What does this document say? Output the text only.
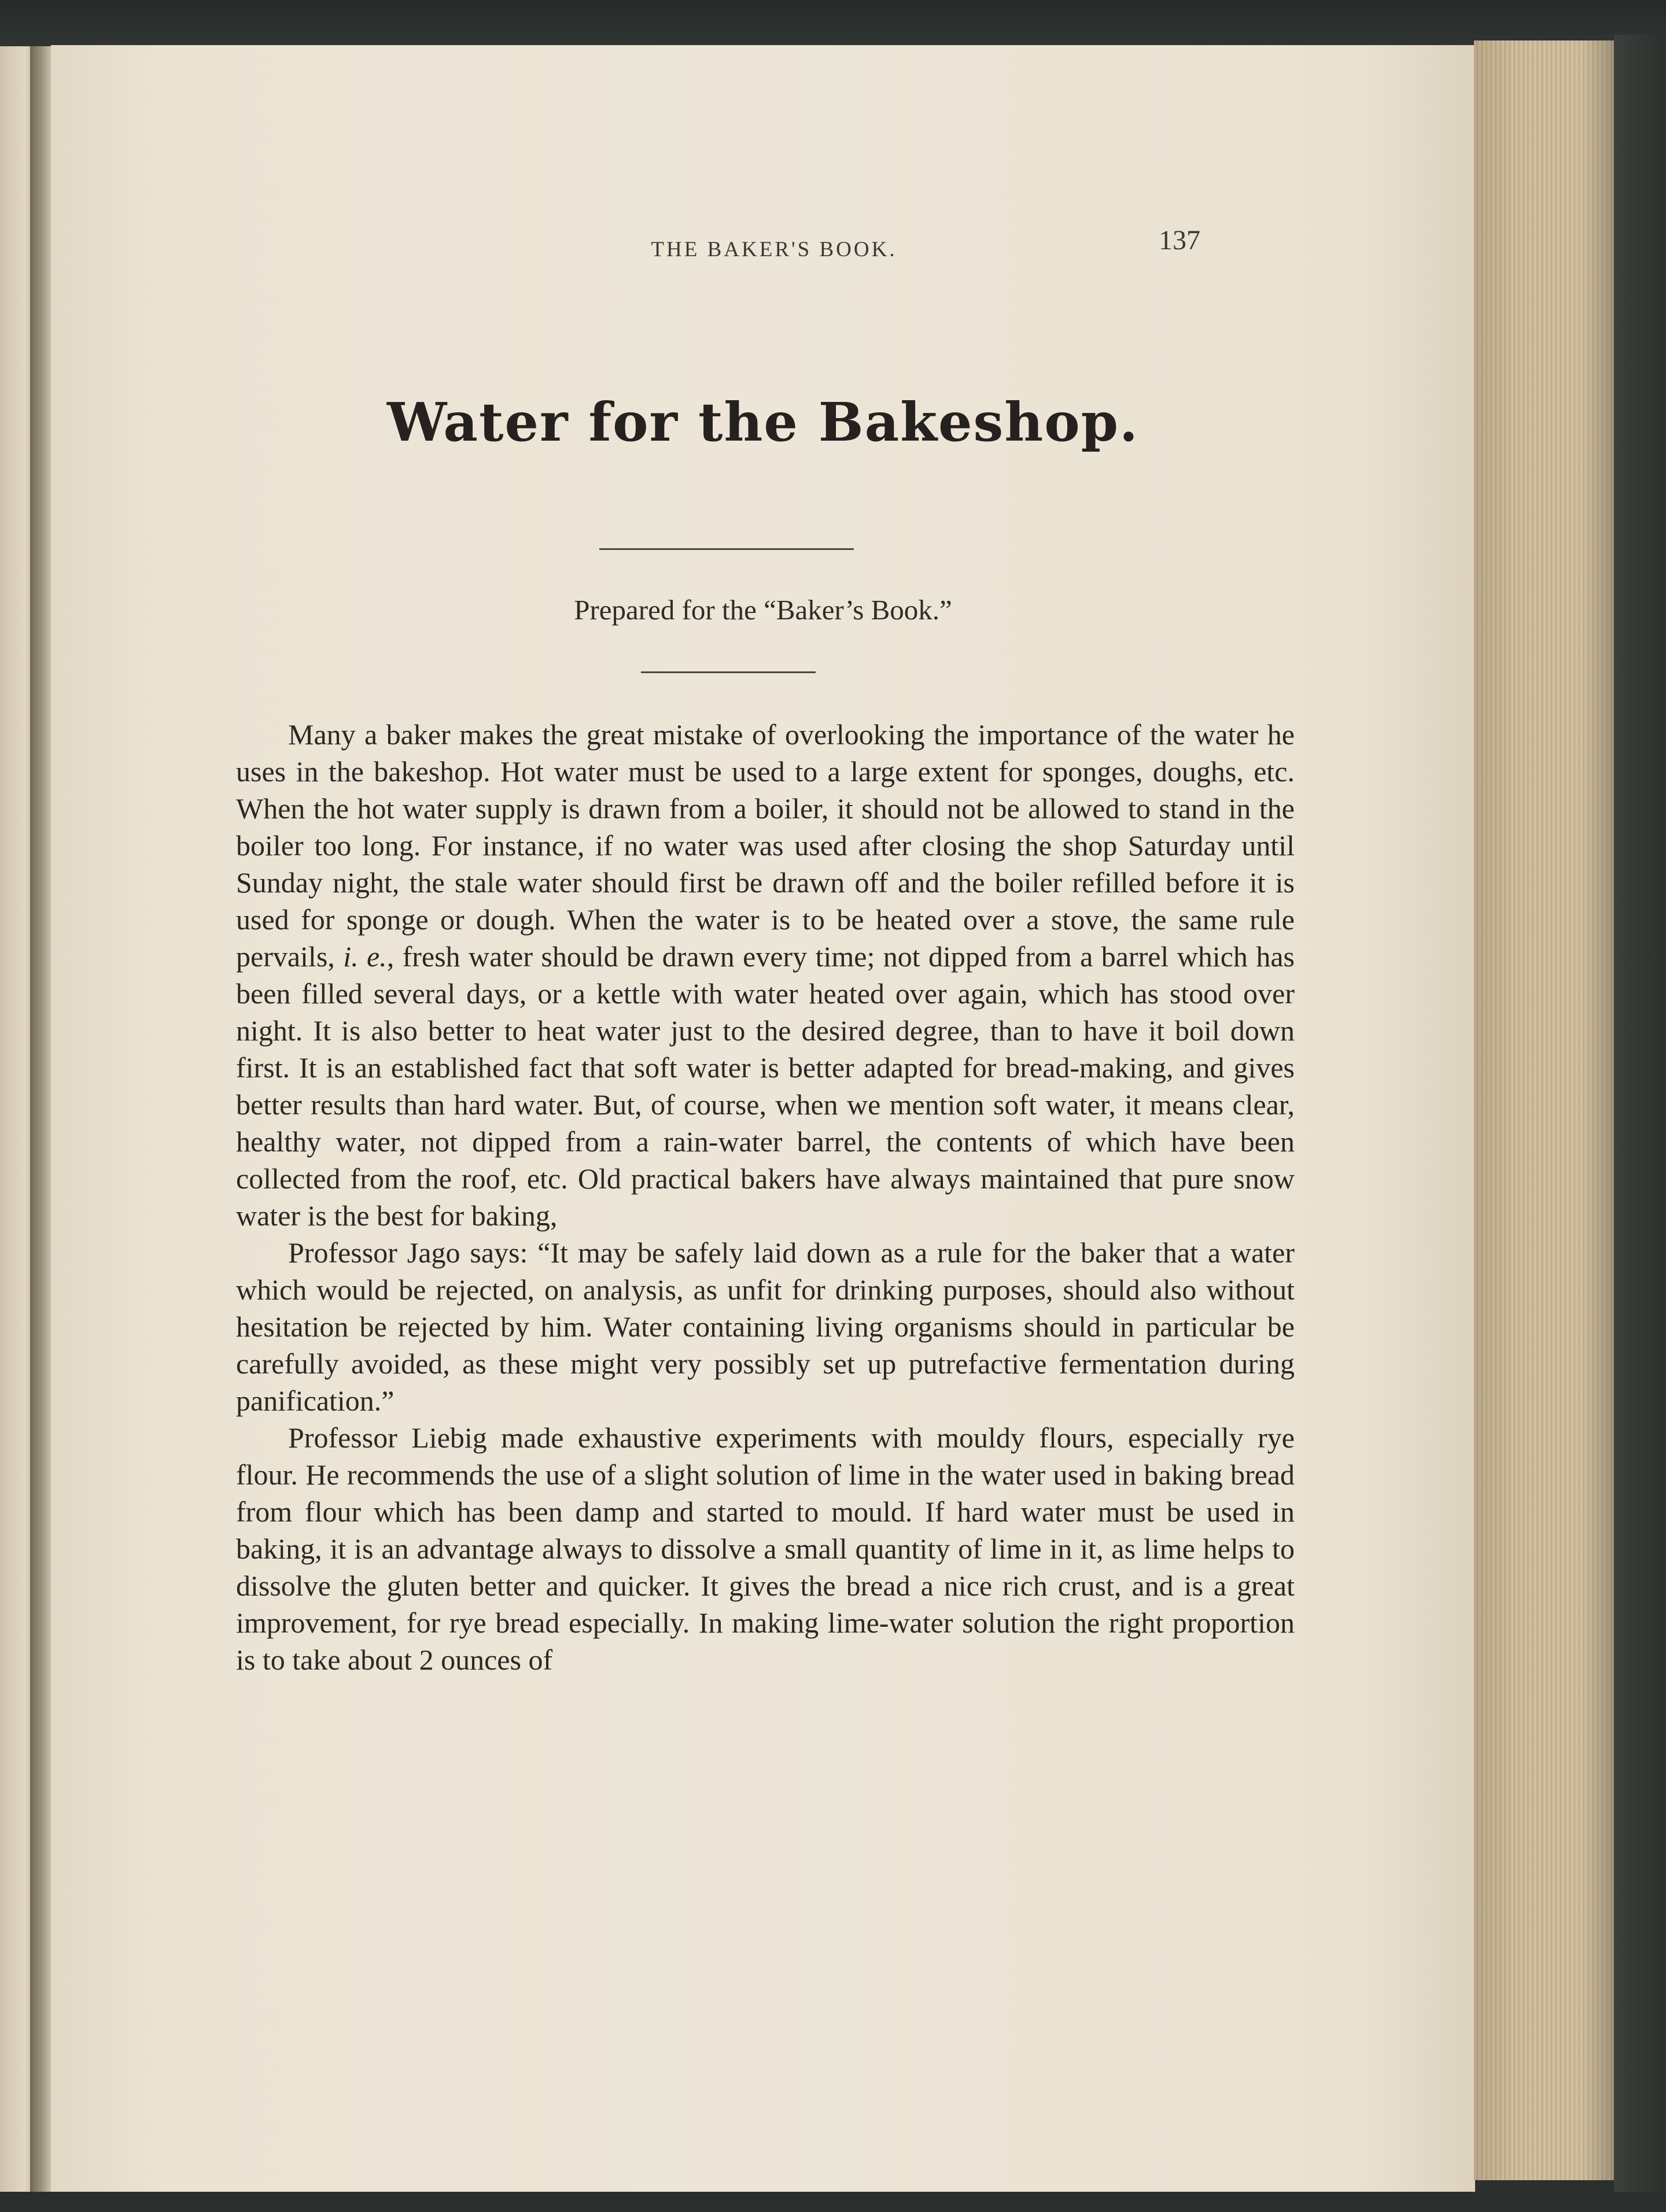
THE BAKER'S BOOK.	137
Water for the Bakeshop.
Prepared for the “Baker’s Book.”

Many a baker makes the great mistake of overlooking the importance of the water he uses in the bakeshop. Hot water must be used to a large extent for sponges, doughs, etc. When the hot water supply is drawn from a boiler, it should not be allowed to stand in the boiler too long. For instance, if no water was used after closing the shop Saturday until Sunday night, the stale water should first be drawn off and the boiler refilled before it is used for sponge or dough. When the water is to be heated over a stove, the same rule pervails, i. e., fresh water should be drawn every time; not dipped from a barrel which has been filled several days, or a kettle with water heated over again, which has stood over night. It is also better to heat water just to the desired degree, than to have it boil down first. It is an established fact that soft water is better adapted for bread-making, and gives better results than hard water. But, of course, when we mention soft water, it means clear, healthy water, not dipped from a rain-water barrel, the contents of which have been collected from the roof, etc. Old practical bakers have always maintained that pure snow water is the best for baking,

Professor Jago says: “It may be safely laid down as a rule for the baker that a water which would be rejected, on analysis, as unfit for drinking purposes, should also without hesitation be rejected by him. Water containing living organisms should in particular be carefully avoided, as these might very possibly set up putrefactive fermentation during panification.”

Professor Liebig made exhaustive experiments with mouldy flours, especially rye flour. He recommends the use of a slight solution of lime in the water used in baking bread from flour which has been damp and started to mould. If hard water must be used in baking, it is an advantage always to dissolve a small quantity of lime in it, as lime helps to dissolve the gluten better and quicker. It gives the bread a nice rich crust, and is a great improvement, for rye bread especially. In making lime-water solution the right proportion is to take about 2 ounces of
